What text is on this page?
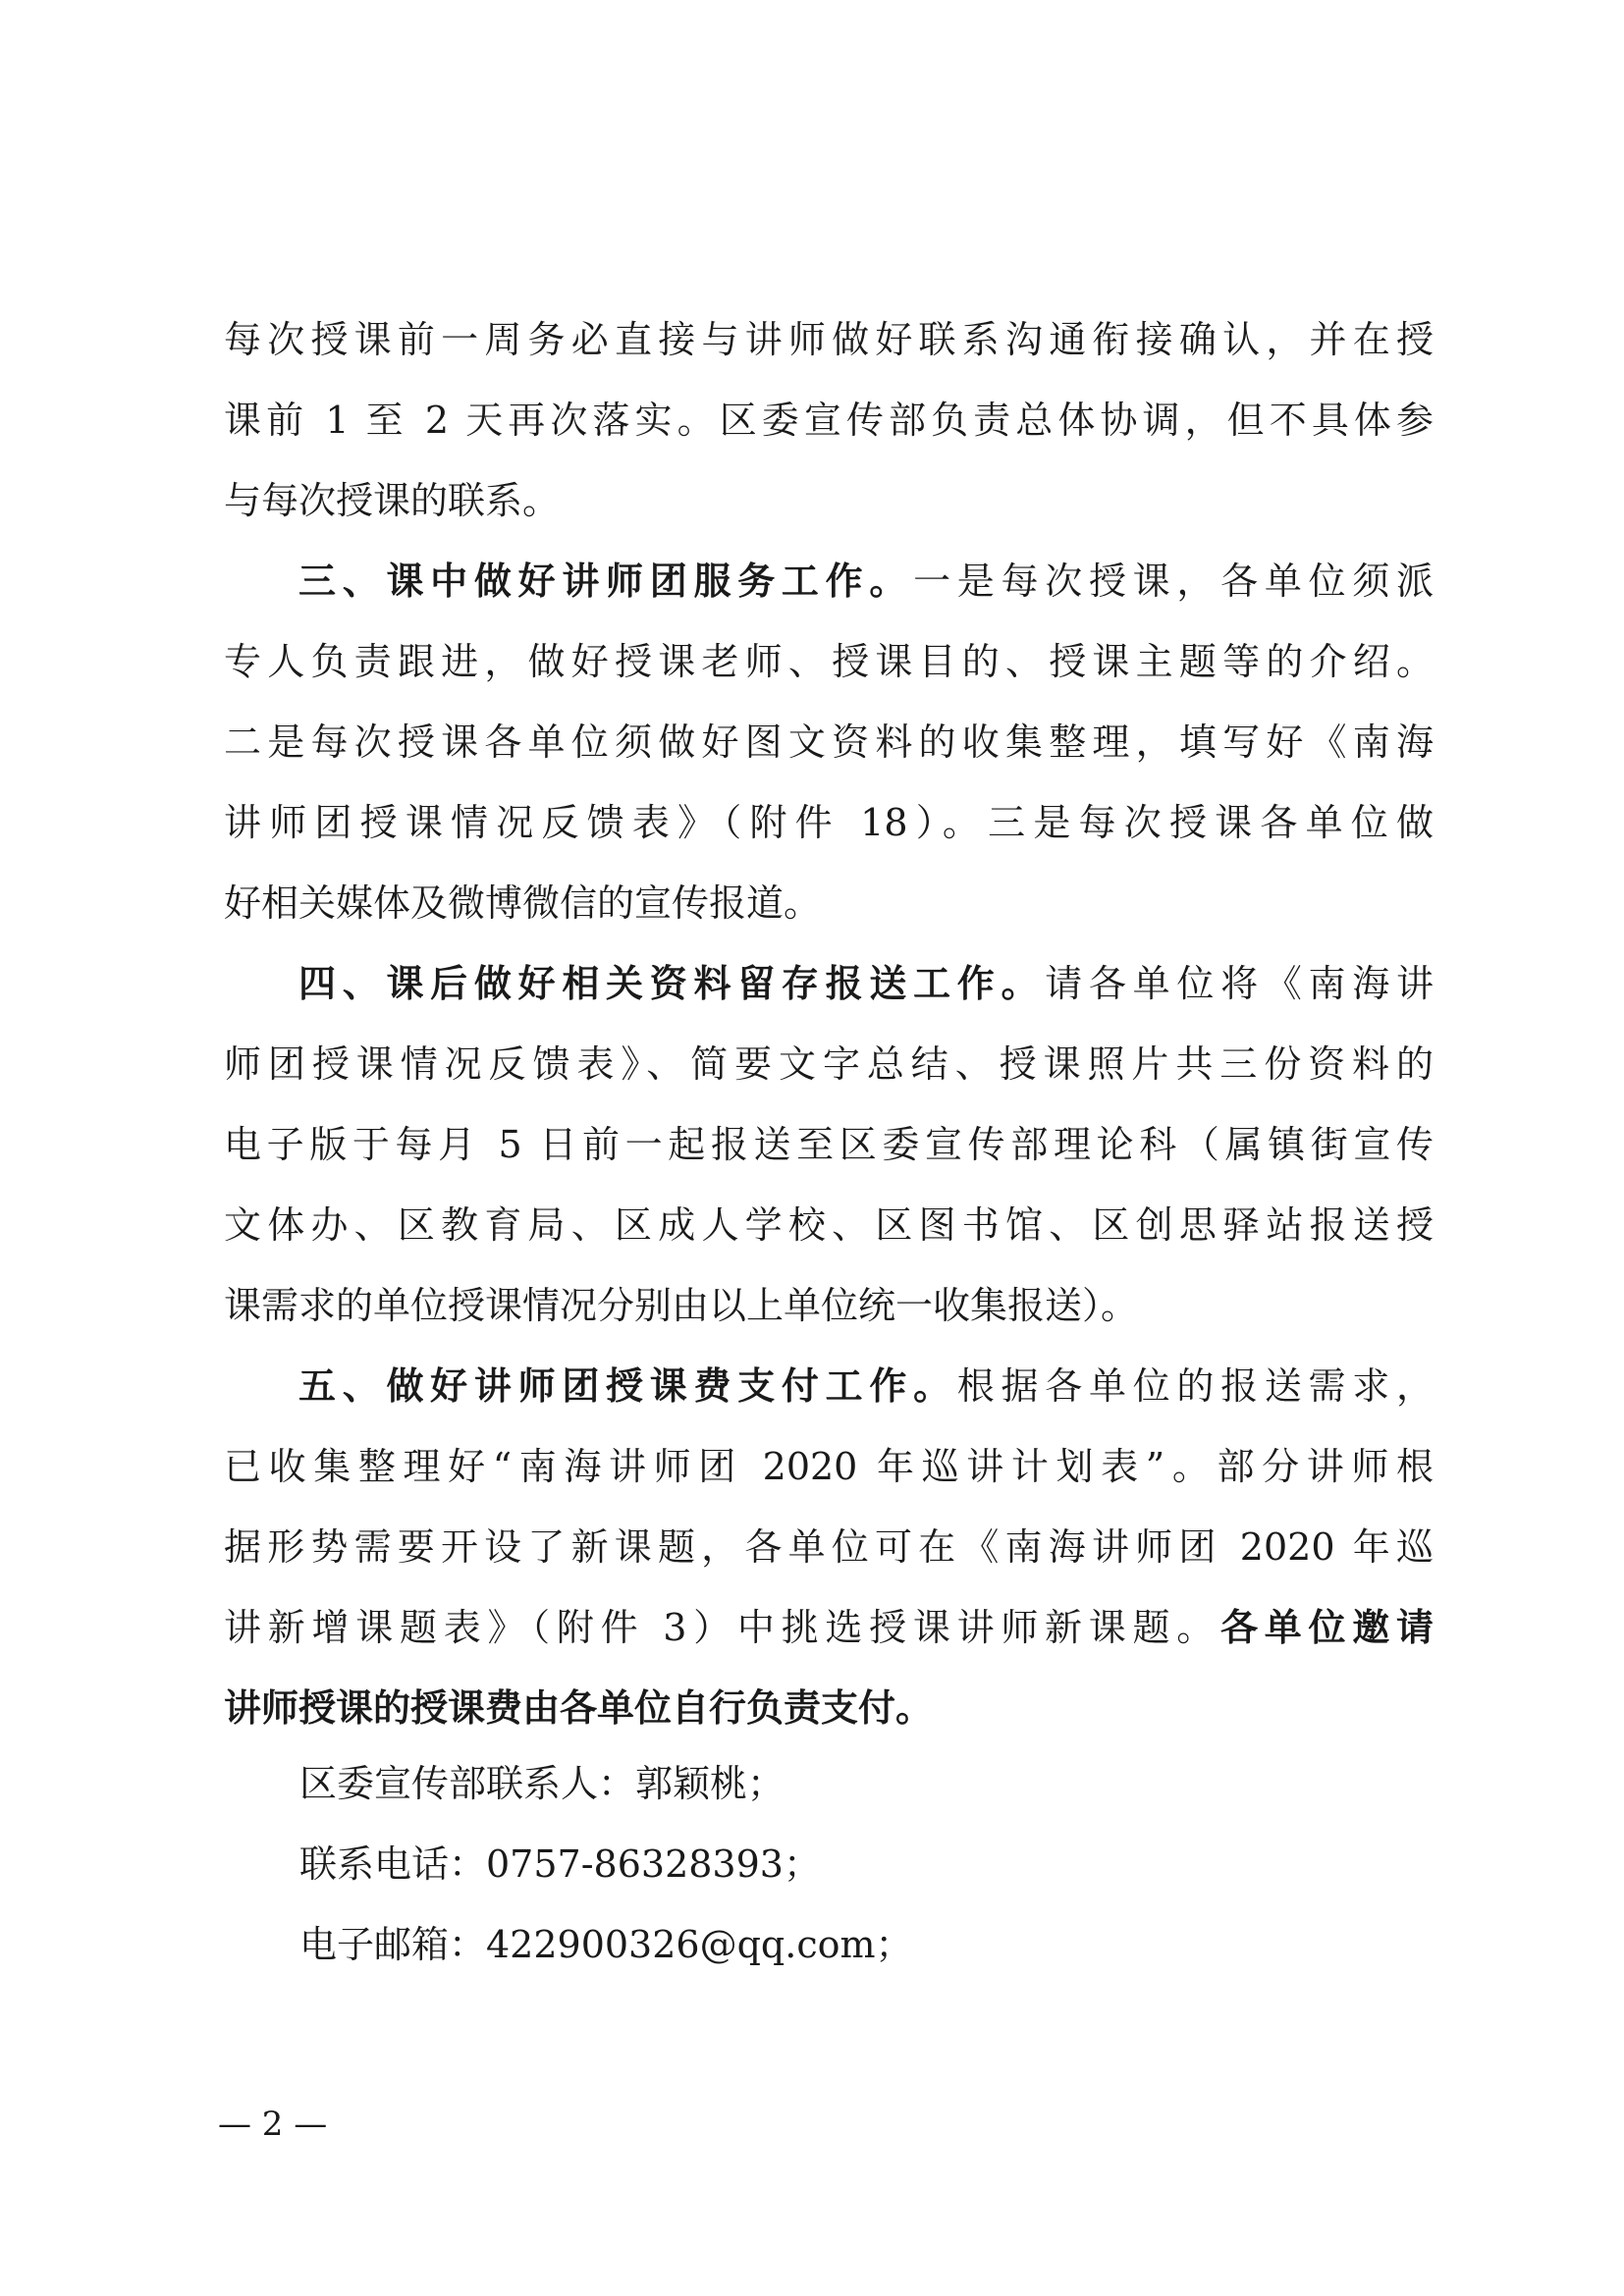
每次授课前一周务必直接与讲师做好联系沟通衔接确认，并在授
课前 1 至 2 天再次落实。区委宣传部负责总体协调，但不具体参
与每次授课的联系。
三、课中做好讲师团服务工作。一是每次授课，各单位须派
专人负责跟进，做好授课老师、授课目的、授课主题等的介绍。
二是每次授课各单位须做好图文资料的收集整理，填写好《南海
讲师团授课情况反馈表》（附件 18）。三是每次授课各单位做
好相关媒体及微博微信的宣传报道。
四、课后做好相关资料留存报送工作。请各单位将《南海讲
师团授课情况反馈表》、简要文字总结、授课照片共三份资料的
电子版于每月 5 日前一起报送至区委宣传部理论科（属镇街宣传
文体办、区教育局、区成人学校、区图书馆、区创思驿站报送授
课需求的单位授课情况分别由以上单位统一收集报送）。
五、做好讲师团授课费支付工作。根据各单位的报送需求，
已收集整理好“南海讲师团 2020 年巡讲计划表”。部分讲师根
据形势需要开设了新课题，各单位可在《南海讲师团 2020 年巡
讲新增课题表》（附件 3）中挑选授课讲师新课题。各单位邀请
讲师授课的授课费由各单位自行负责支付。
区委宣传部联系人：郭颖桃；
联系电话：0757-86328393；
电子邮箱：422900326@qq.com；
— 2 —
